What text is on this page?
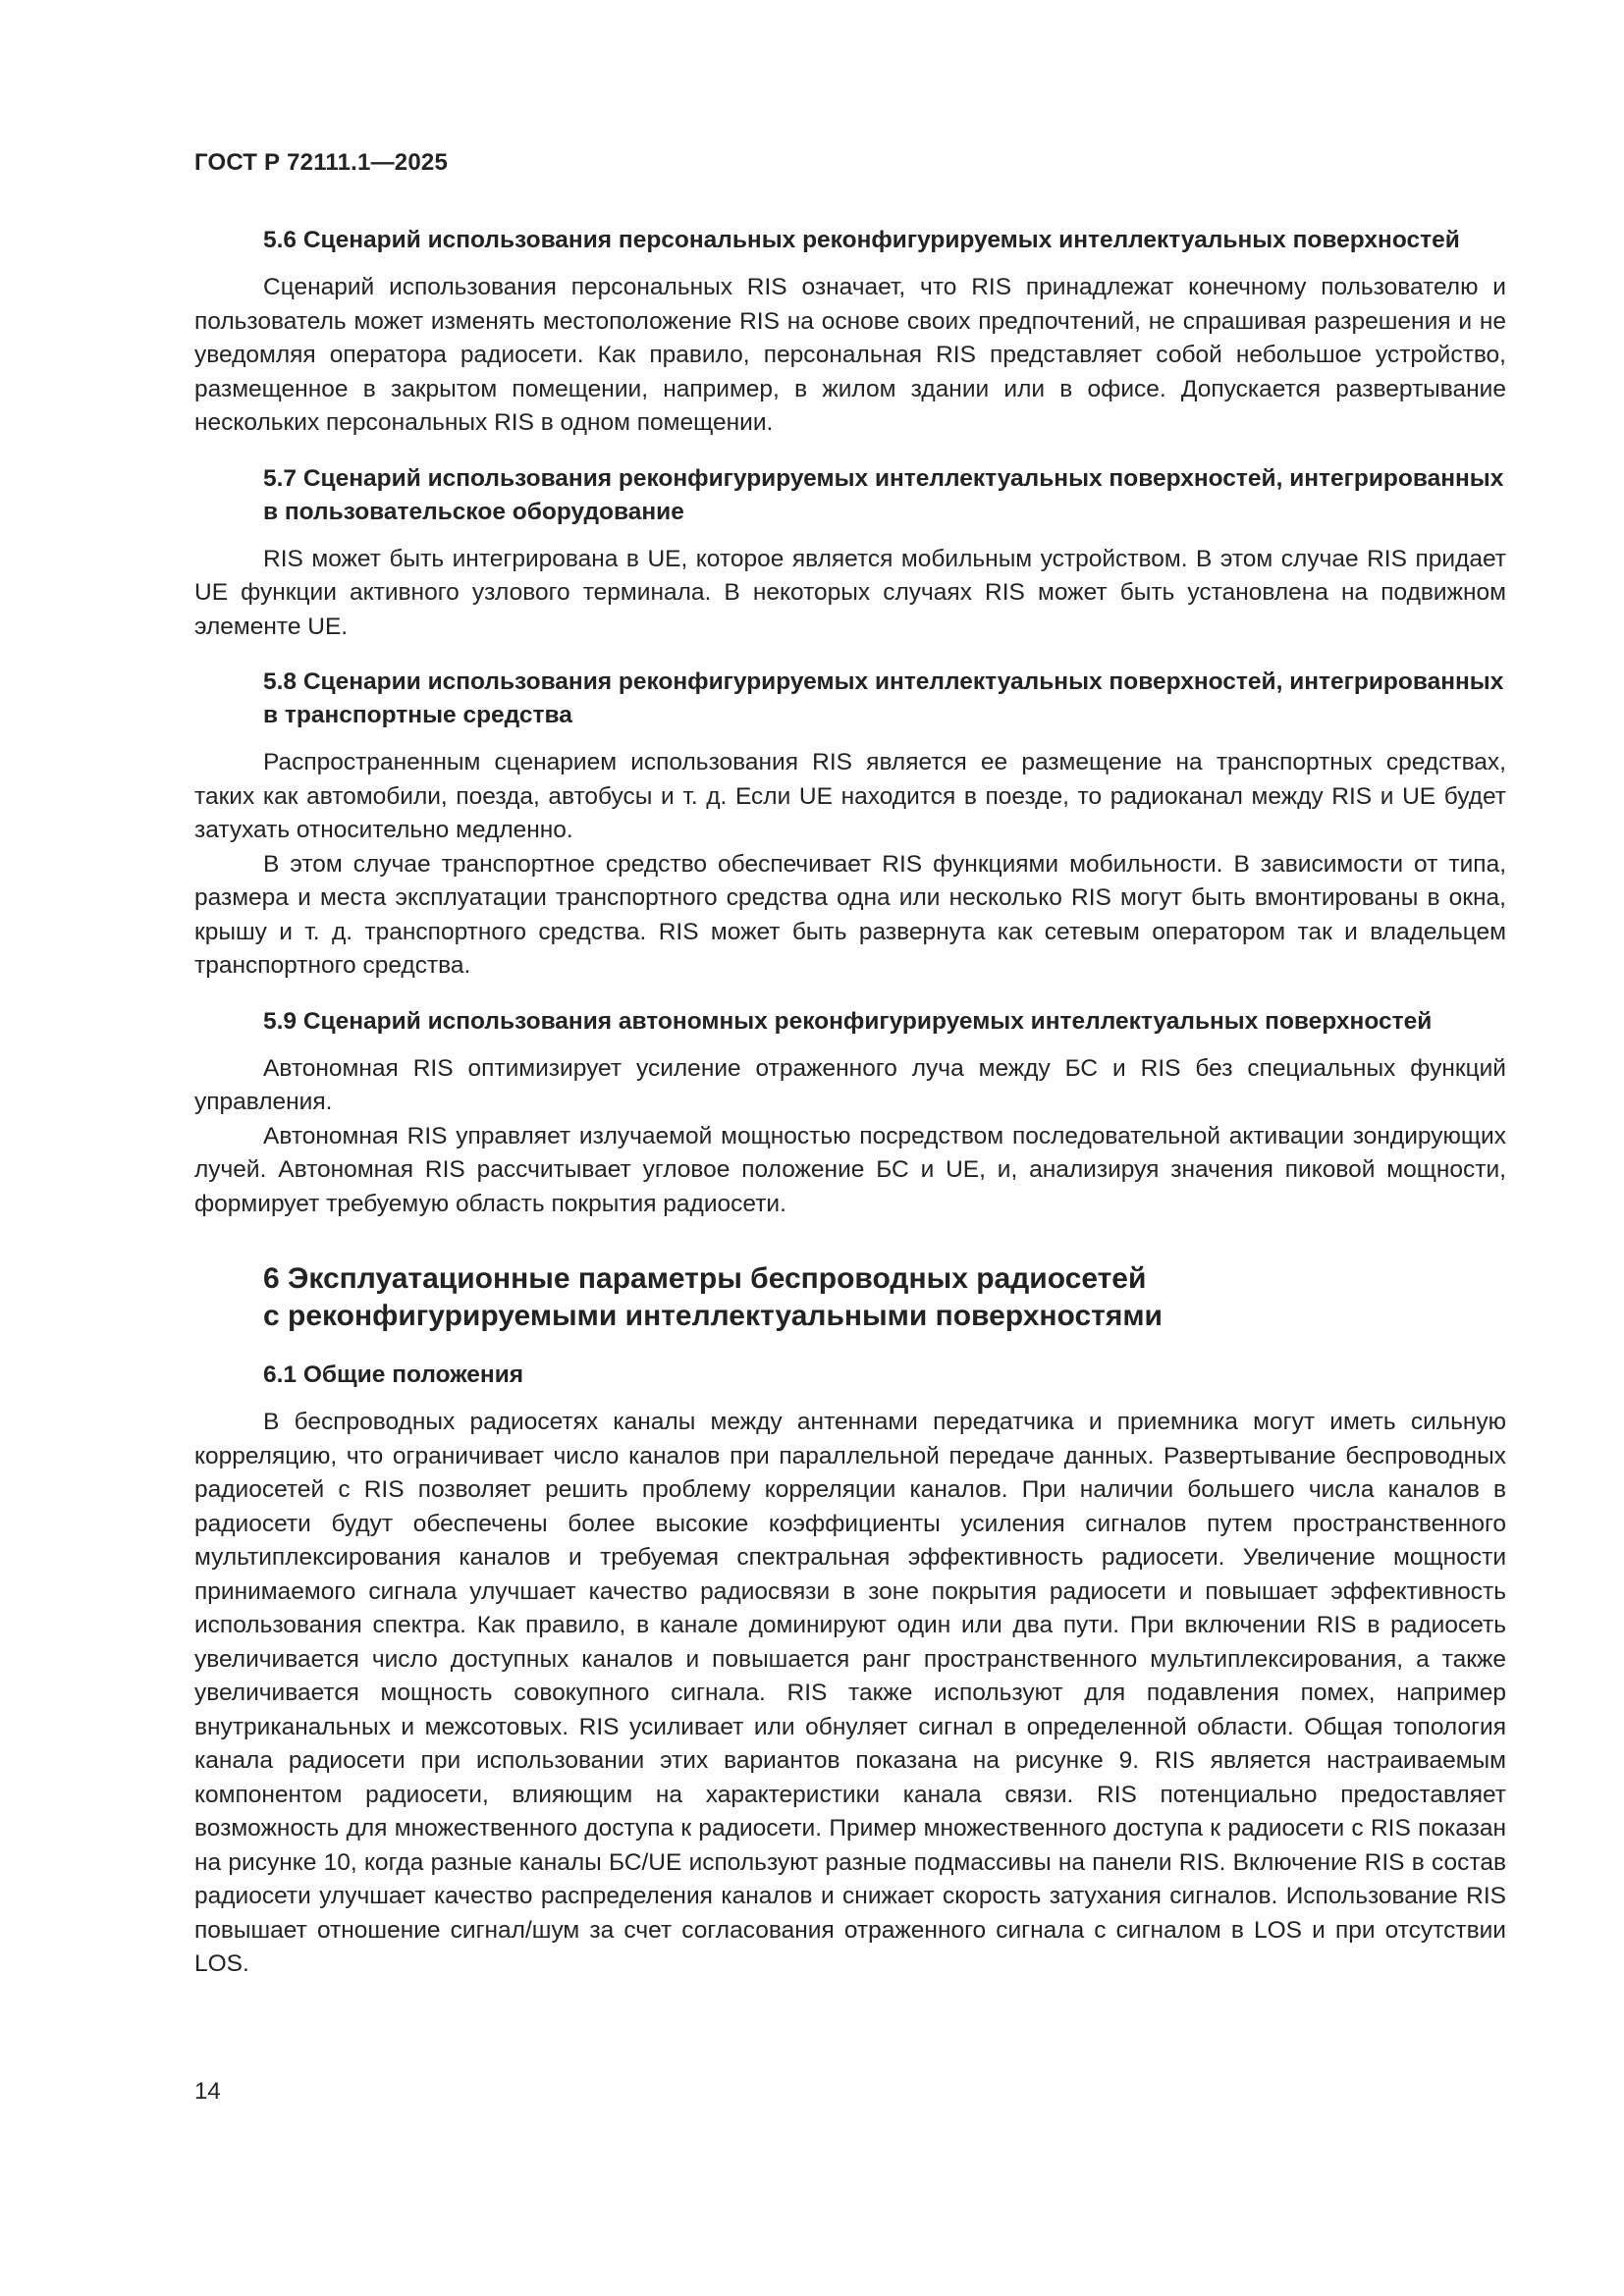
ГОСТ Р 72111.1—2025
5.6 Сценарий использования персональных реконфигурируемых интеллектуальных поверхностей

Сценарий использования персональных RIS означает, что RIS принадлежат конечному пользователю и пользователь может изменять местоположение RIS на основе своих предпочтений, не спрашивая разрешения и не уведомляя оператора радиосети. Как правило, персональная RIS представляет собой небольшое устройство, размещенное в закрытом помещении, например, в жилом здании или в офисе. Допускается развертывание нескольких персональных RIS в одном помещении.

5.7 Сценарий использования реконфигурируемых интеллектуальных поверхностей, интегрированных в пользовательское оборудование

RIS может быть интегрирована в UE, которое является мобильным устройством. В этом случае RIS придает UE функции активного узлового терминала. В некоторых случаях RIS может быть установлена на подвижном элементе UE.

5.8 Сценарии использования реконфигурируемых интеллектуальных поверхностей, интегрированных в транспортные средства

Распространенным сценарием использования RIS является ее размещение на транспортных средствах, таких как автомобили, поезда, автобусы и т. д. Если UE находится в поезде, то радиоканал между RIS и UE будет затухать относительно медленно.

В этом случае транспортное средство обеспечивает RIS функциями мобильности. В зависимости от типа, размера и места эксплуатации транспортного средства одна или несколько RIS могут быть вмонтированы в окна, крышу и т. д. транспортного средства. RIS может быть развернута как сетевым оператором так и владельцем транспортного средства.

5.9 Сценарий использования автономных реконфигурируемых интеллектуальных поверхностей

Автономная RIS оптимизирует усиление отраженного луча между БС и RIS без специальных функций управления.

Автономная RIS управляет излучаемой мощностью посредством последовательной активации зондирующих лучей. Автономная RIS рассчитывает угловое положение БС и UE, и, анализируя значения пиковой мощности, формирует требуемую область покрытия радиосети.

6 Эксплуатационные параметры беспроводных радиосетей
с реконфигурируемыми интеллектуальными поверхностями
6.1 Общие положения

В беспроводных радиосетях каналы между антеннами передатчика и приемника могут иметь сильную корреляцию, что ограничивает число каналов при параллельной передаче данных. Развертывание беспроводных радиосетей с RIS позволяет решить проблему корреляции каналов. При наличии большего числа каналов в радиосети будут обеспечены более высокие коэффициенты усиления сигналов путем пространственного мультиплексирования каналов и требуемая спектральная эффективность радиосети. Увеличение мощности принимаемого сигнала улучшает качество радиосвязи в зоне покрытия радиосети и повышает эффективность использования спектра. Как правило, в канале доминируют один или два пути. При включении RIS в радиосеть увеличивается число доступных каналов и повышается ранг пространственного мультиплексирования, а также увеличивается мощность совокупного сигнала. RIS также используют для подавления помех, например внутриканальных и межсотовых. RIS усиливает или обнуляет сигнал в определенной области. Общая топология канала радиосети при использовании этих вариантов показана на рисунке 9. RIS является настраиваемым компонентом радиосети, влияющим на характеристики канала связи. RIS потенциально предоставляет возможность для множественного доступа к радиосети. Пример множественного доступа к радиосети с RIS показан на рисунке 10, когда разные каналы БС/UE используют разные подмассивы на панели RIS. Включение RIS в состав радиосети улучшает качество распределения каналов и снижает скорость затухания сигналов. Использование RIS повышает отношение сигнал/шум за счет согласования отраженного сигнала с сигналом в LOS и при отсутствии LOS.

14
